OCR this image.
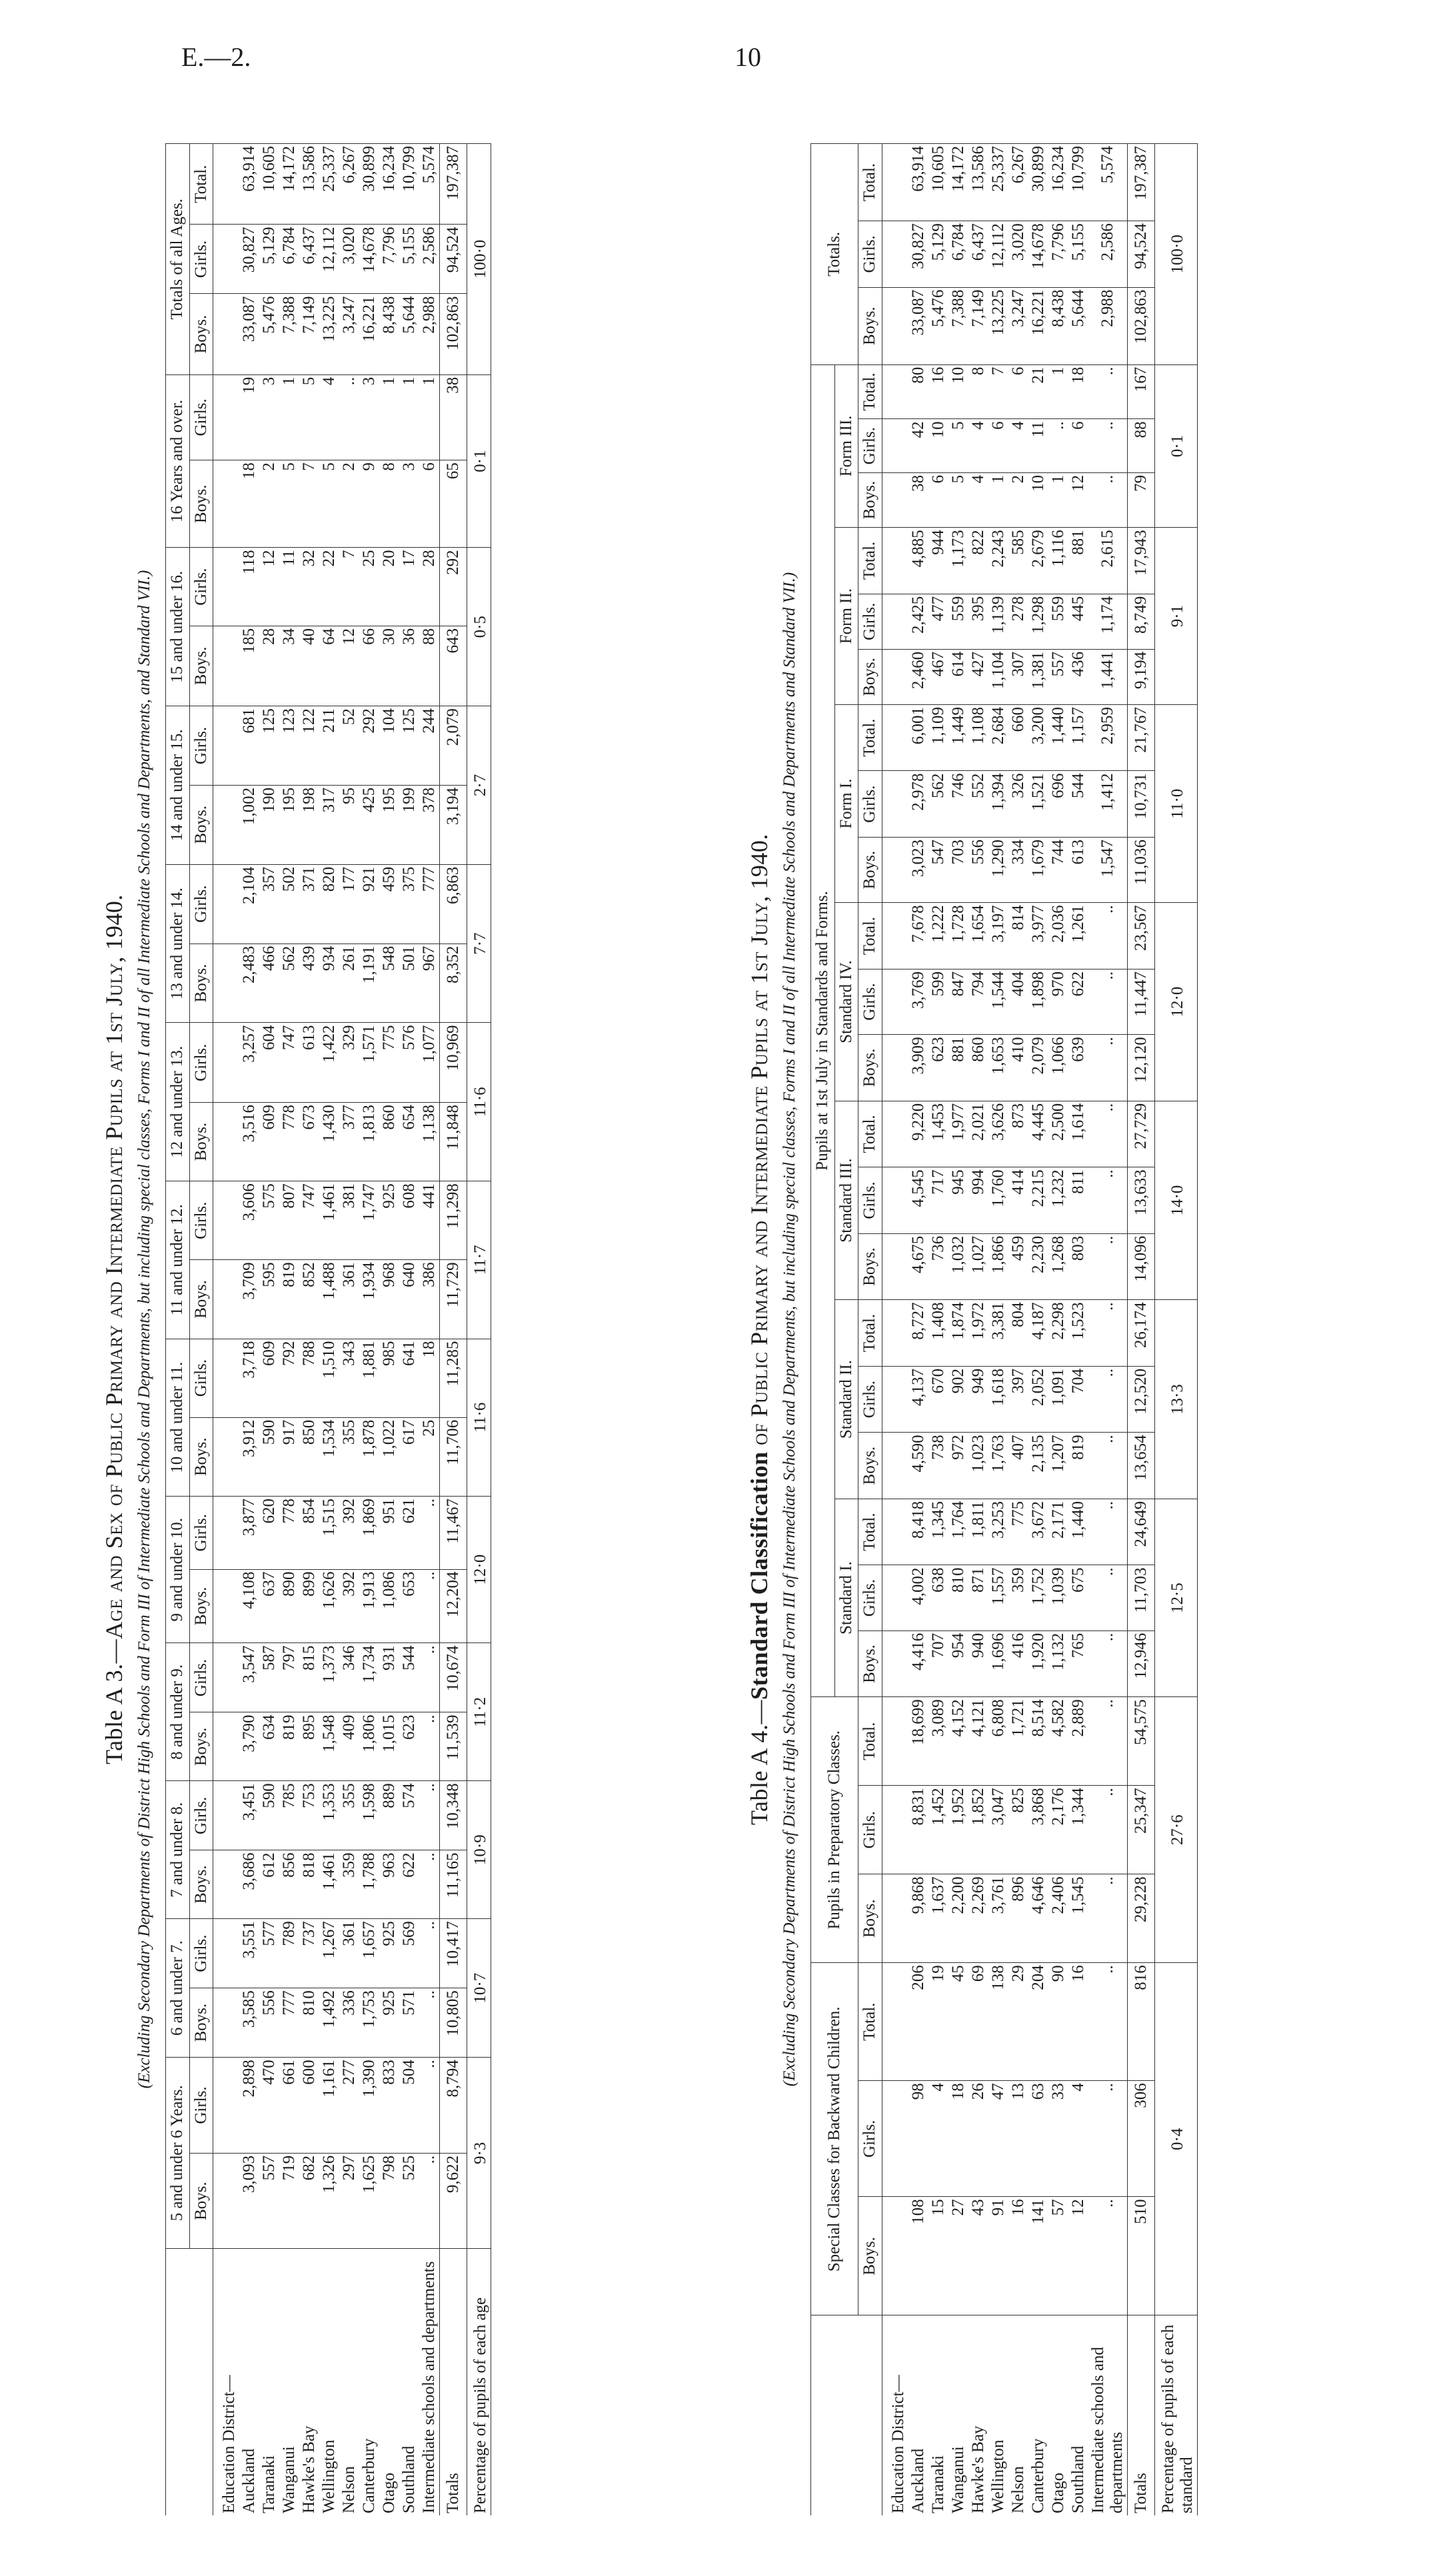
E.—2.	10
Table A 3.—Age and Sex of Public Primary and Intermediate Pupils at 1st July, 1940. (Excluding Secondary Departments of District High Schools and Form III of Intermediate Schools and Departments, but including special classes, Forms I and II of all Intermediate Schools and Departments, and Standard VII.)
	5 and under 6 Years.		6 and under 7.		7 and under 8.		8 and under 9.		9 and under 10.		10 and under 11.		11 and under 12.		12 and under 13.		13 and under 14.		14 and under 15.		15 and under 16.		16 Years and over.		Totals of all Ages.		
	Boys.	Girls.	Boys.	Girls.	Boys.	Girls.	Boys.	Girls.	Boys.	Girls.	Boys.	Girls.	Boys.	Girls.	Boys.	Girls.	Boys.	Girls.	Boys.	Girls.	Boys.	Girls.	Boys.	Girls.	Boys.	Girls.	Total.
Education District—																											
Auckland	3,093	2,898	3,585	3,551	3,686	3,451	3,790	3,547	4,108	3,877	3,912	3,718	3,709	3,606	3,516	3,257	2,483	2,104	1,002	681	185	118	18	19	33,087	30,827	63,914
Taranaki	557	470	556	577	612	590	634	587	637	620	590	609	595	575	609	604	466	357	190	125	28	12	2	3	5,476	5,129	10,605
Wanganui	719	661	777	789	856	785	819	797	890	778	917	792	819	807	778	747	562	502	195	123	34	11	5	1	7,388	6,784	14,172
Hawke's Bay	682	600	810	737	818	753	895	815	899	854	850	788	852	747	673	613	439	371	198	122	40	32	7	5	7,149	6,437	13,586
Wellington	1,326	1,161	1,492	1,267	1,461	1,353	1,548	1,373	1,626	1,515	1,534	1,510	1,488	1,461	1,430	1,422	934	820	317	211	64	22	5	4	13,225	12,112	25,337
Nelson	297	277	336	361	359	355	409	346	392	392	355	343	361	381	377	329	261	177	95	52	12	7	2	..	3,247	3,020	6,267
Canterbury	1,625	1,390	1,753	1,657	1,788	1,598	1,806	1,734	1,913	1,869	1,878	1,881	1,934	1,747	1,813	1,571	1,191	921	425	292	66	25	9	3	16,221	14,678	30,899
Otago	798	833	925	925	963	889	1,015	931	1,086	951	1,022	985	968	925	860	775	548	459	195	104	30	20	8	1	8,438	7,796	16,234
Southland	525	504	571	569	622	574	623	544	653	621	617	641	640	608	654	576	501	375	199	125	36	17	3	1	5,644	5,155	10,799
Intermediate schools and departments	..	..	..	..	..	..	..	..	..	..	25	18	386	441	1,138	1,077	967	777	378	244	88	28	6	1	2,988	2,586	5,574
Totals	9,622	8,794	10,805	10,417	11,165	10,348	11,539	10,674	12,204	11,467	11,706	11,285	11,729	11,298	11,848	10,969	8,352	6,863	3,194	2,079	643	292	65	38	102,863	94,524	197,387
Percentage of pupils of each age	9·3		10·7		10·9		11·2		12·0		11·6		11·7		11·6		7·7		2·7		0·5		0·1		100·0		
Table A 4.—Standard Classification of Public Primary and Intermediate Pupils at 1st July, 1940. (Excluding Secondary Departments of District High Schools and Form III of Intermediate Schools and Departments, but including special classes, Forms I and II of all Intermediate Schools and Departments and Standard VII.)
	Special Classes for Backward Children.			Pupils in Preparatory Classes.			Pupils at 1st July in Standards and Forms.																					Totals.		
							Standard I.			Standard II.			Standard III.			Standard IV.			Form I.			Form II.			Form III.					
	Boys.	Girls.	Total.	Boys.	Girls.	Total.	Boys.	Girls.	Total.	Boys.	Girls.	Total.	Boys.	Girls.	Total.	Boys.	Girls.	Total.	Boys.	Girls.	Total.	Boys.	Girls.	Total.	Boys.	Girls.	Total.	Boys.	Girls.	Total.
Education District—																														
Auckland	108	98	206	9,868	8,831	18,699	4,416	4,002	8,418	4,590	4,137	8,727	4,675	4,545	9,220	3,909	3,769	7,678	3,023	2,978	6,001	2,460	2,425	4,885	38	42	80	33,087	30,827	63,914
Taranaki	15	4	19	1,637	1,452	3,089	707	638	1,345	738	670	1,408	736	717	1,453	623	599	1,222	547	562	1,109	467	477	944	6	10	16	5,476	5,129	10,605
Wanganui	27	18	45	2,200	1,952	4,152	954	810	1,764	972	902	1,874	1,032	945	1,977	881	847	1,728	703	746	1,449	614	559	1,173	5	5	10	7,388	6,784	14,172
Hawke's Bay	43	26	69	2,269	1,852	4,121	940	871	1,811	1,023	949	1,972	1,027	994	2,021	860	794	1,654	556	552	1,108	427	395	822	4	4	8	7,149	6,437	13,586
Wellington	91	47	138	3,761	3,047	6,808	1,696	1,557	3,253	1,763	1,618	3,381	1,866	1,760	3,626	1,653	1,544	3,197	1,290	1,394	2,684	1,104	1,139	2,243	1	6	7	13,225	12,112	25,337
Nelson	16	13	29	896	825	1,721	416	359	775	407	397	804	459	414	873	410	404	814	334	326	660	307	278	585	2	4	6	3,247	3,020	6,267
Canterbury	141	63	204	4,646	3,868	8,514	1,920	1,752	3,672	2,135	2,052	4,187	2,230	2,215	4,445	2,079	1,898	3,977	1,679	1,521	3,200	1,381	1,298	2,679	10	11	21	16,221	14,678	30,899
Otago	57	33	90	2,406	2,176	4,582	1,132	1,039	2,171	1,207	1,091	2,298	1,268	1,232	2,500	1,066	970	2,036	744	696	1,440	557	559	1,116	1	..	1	8,438	7,796	16,234
Southland	12	4	16	1,545	1,344	2,889	765	675	1,440	819	704	1,523	803	811	1,614	639	622	1,261	613	544	1,157	436	445	881	12	6	18	5,644	5,155	10,799
Intermediate schools and departments	..	..	..	..	..	..	..	..	..	..	..	..	..	..	..	..	..	..	1,547	1,412	2,959	1,441	1,174	2,615	..	..	..	2,988	2,586	5,574
Totals	510	306	816	29,228	25,347	54,575	12,946	11,703	24,649	13,654	12,520	26,174	14,096	13,633	27,729	12,120	11,447	23,567	11,036	10,731	21,767	9,194	8,749	17,943	79	88	167	102,863	94,524	197,387
Percentage of pupils of each standard	0·4			27·6			12·5			13·3			14·0			12·0			11·0			9·1			0·1			100·0		
